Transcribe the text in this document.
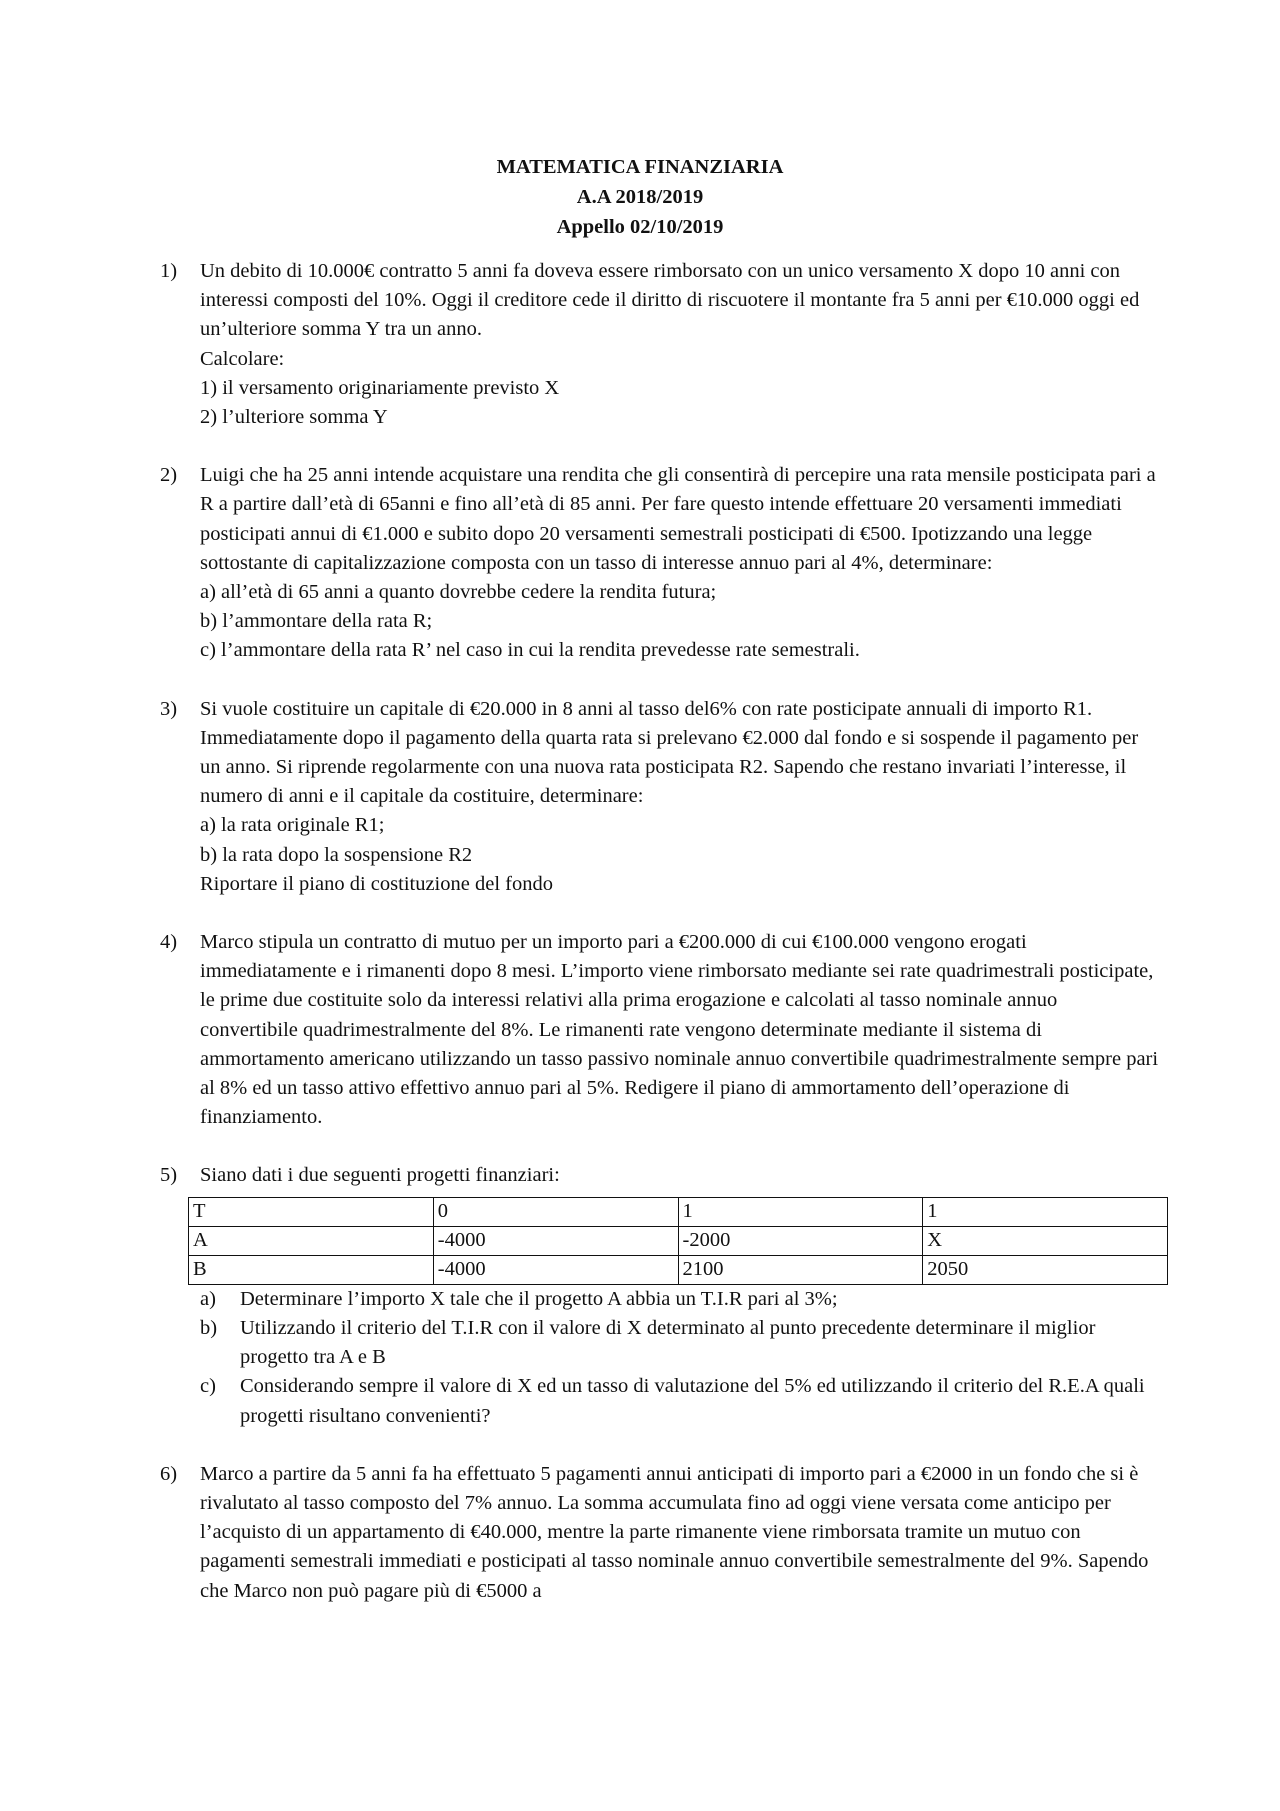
MATEMATICA FINANZIARIA
A.A 2018/2019
Appello 02/10/2019
1) Un debito di 10.000€ contratto 5 anni fa doveva essere rimborsato con un unico versamento X dopo 10 anni con interessi composti del 10%. Oggi il creditore cede il diritto di riscuotere il montante fra 5 anni per €10.000 oggi ed un’ulteriore somma Y tra un anno.
Calcolare:
1) il versamento originariamente previsto X
2) l’ulteriore somma Y

2) Luigi che ha 25 anni intende acquistare una rendita che gli consentirà di percepire una rata mensile posticipata pari a R a partire dall’età di 65anni e fino all’età di 85 anni. Per fare questo intende effettuare 20 versamenti immediati posticipati annui di €1.000 e subito dopo 20 versamenti semestrali posticipati di €500. Ipotizzando una legge sottostante di capitalizzazione composta con un tasso di interesse annuo pari al 4%, determinare:
a) all’età di 65 anni a quanto dovrebbe cedere la rendita futura;
b) l’ammontare della rata R;
c) l’ammontare della rata R’ nel caso in cui la rendita prevedesse rate semestrali.

3) Si vuole costituire un capitale di €20.000 in 8 anni al tasso del6% con rate posticipate annuali di importo R1. Immediatamente dopo il pagamento della quarta rata si prelevano €2.000 dal fondo e si sospende il pagamento per un anno. Si riprende regolarmente con una nuova rata posticipata R2. Sapendo che restano invariati l’interesse, il numero di anni e il capitale da costituire, determinare:
a) la rata originale R1;
b) la rata dopo la sospensione R2
Riportare il piano di costituzione del fondo

4) Marco stipula un contratto di mutuo per un importo pari a €200.000 di cui €100.000 vengono erogati immediatamente e i rimanenti dopo 8 mesi. L’importo viene rimborsato mediante sei rate quadrimestrali posticipate, le prime due costituite solo da interessi relativi alla prima erogazione e calcolati al tasso nominale annuo convertibile quadrimestralmente del 8%. Le rimanenti rate vengono determinate mediante il sistema di ammortamento americano utilizzando un tasso passivo nominale annuo convertibile quadrimestralmente sempre pari al 8% ed un tasso attivo effettivo annuo pari al 5%. Redigere il piano di ammortamento dell’operazione di finanziamento.

5) Siano dati i due seguenti progetti finanziari:

T	0	1	1
A	-4000	-2000	X
B	-4000	2100	2050
a) Determinare l’importo X tale che il progetto A abbia un T.I.R pari al 3%;
b) Utilizzando il criterio del T.I.R con il valore di X determinato al punto precedente determinare il miglior progetto tra A e B
c) Considerando sempre il valore di X ed un tasso di valutazione del 5% ed utilizzando il criterio del R.E.A quali progetti risultano convenienti?
6) Marco a partire da 5 anni fa ha effettuato 5 pagamenti annui anticipati di importo pari a €2000 in un fondo che si è rivalutato al tasso composto del 7% annuo. La somma accumulata fino ad oggi viene versata come anticipo per l’acquisto di un appartamento di €40.000, mentre la parte rimanente viene rimborsata tramite un mutuo con pagamenti semestrali immediati e posticipati al tasso nominale annuo convertibile semestralmente del 9%. Sapendo che Marco non può pagare più di €5000 a
